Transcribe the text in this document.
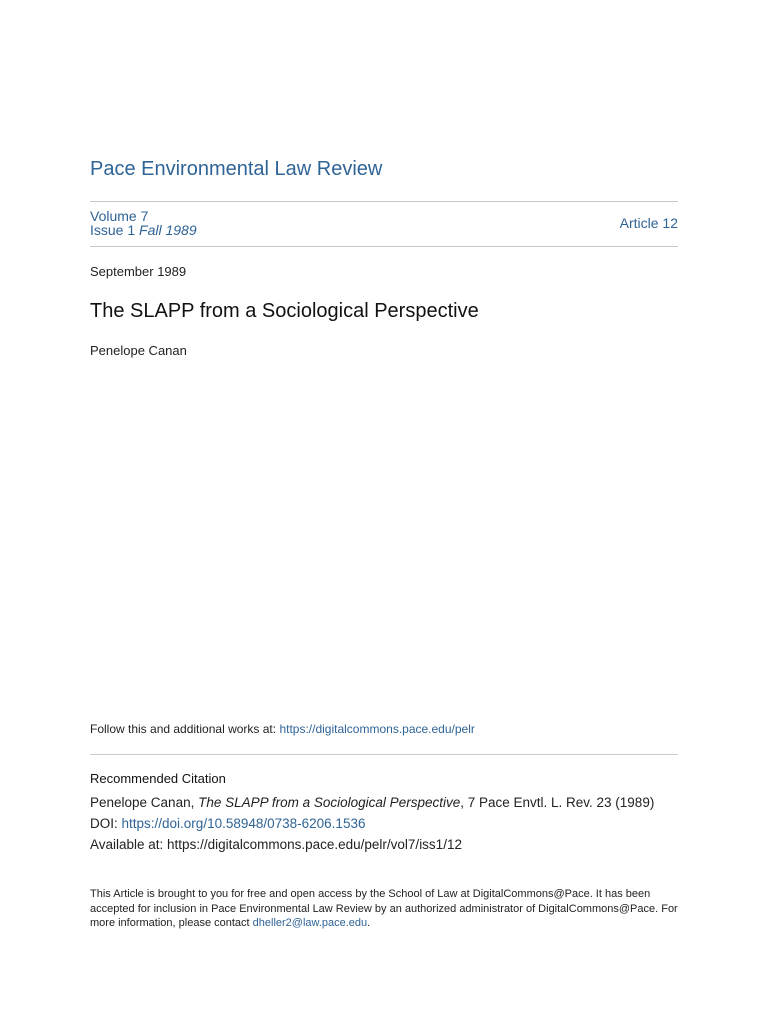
Pace Environmental Law Review
Volume 7
Issue 1 Fall 1989	Article 12
September 1989
The SLAPP from a Sociological Perspective
Penelope Canan
Follow this and additional works at: https://digitalcommons.pace.edu/pelr
Recommended Citation
Penelope Canan, The SLAPP from a Sociological Perspective, 7 Pace Envtl. L. Rev. 23 (1989)
DOI: https://doi.org/10.58948/0738-6206.1536
Available at: https://digitalcommons.pace.edu/pelr/vol7/iss1/12
This Article is brought to you for free and open access by the School of Law at DigitalCommons@Pace. It has been accepted for inclusion in Pace Environmental Law Review by an authorized administrator of DigitalCommons@Pace. For more information, please contact dheller2@law.pace.edu.
